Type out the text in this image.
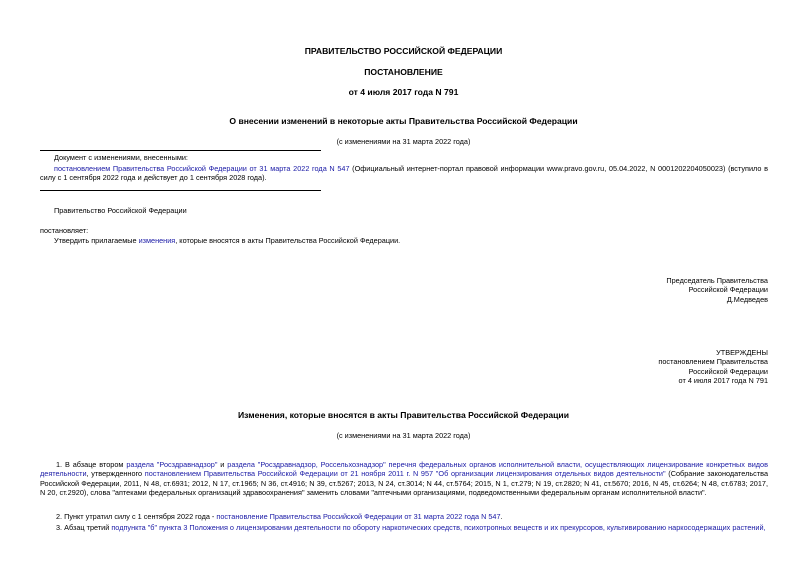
ПРАВИТЕЛЬСТВО РОССИЙСКОЙ ФЕДЕРАЦИИ
ПОСТАНОВЛЕНИЕ
от 4 июля 2017 года N 791
О внесении изменений в некоторые акты Правительства Российской Федерации
(с изменениями на 31 марта 2022 года)
Документ с изменениями, внесенными:
постановлением Правительства Российской Федерации от 31 марта 2022 года N 547 (Официальный интернет-портал правовой информации www.pravo.gov.ru, 05.04.2022, N 0001202204050023) (вступило в силу с 1 сентября 2022 года и действует до 1 сентября 2028 года).
Правительство Российской Федерации
постановляет:
Утвердить прилагаемые изменения, которые вносятся в акты Правительства Российской Федерации.
Председатель Правительства
Российской Федерации
Д.Медведев
УТВЕРЖДЕНЫ
постановлением Правительства
Российской Федерации
от 4 июля 2017 года N 791
Изменения, которые вносятся в акты Правительства Российской Федерации
(с изменениями на 31 марта 2022 года)
1. В абзаце втором раздела "Росздравнадзор" и раздела "Росздравнадзор, Россельхознадзор" перечня федеральных органов исполнительной власти, осуществляющих лицензирование конкретных видов деятельности, утвержденного постановлением Правительства Российской Федерации от 21 ноября 2011 г. N 957 "Об организации лицензирования отдельных видов деятельности" (Собрание законодательства Российской Федерации, 2011, N 48, ст.6931; 2012, N 17, ст.1965; N 36, ст.4916; N 39, ст.5267; 2013, N 24, ст.3014; N 44, ст.5764; 2015, N 1, ст.279; N 19, ст.2820; N 41, ст.5670; 2016, N 45, ст.6264; N 48, ст.6783; 2017, N 20, ст.2920), слова "аптеками федеральных организаций здравоохранения" заменить словами "аптечными организациями, подведомственными федеральным органам исполнительной власти".
2. Пункт утратил силу с 1 сентября 2022 года - постановление Правительства Российской Федерации от 31 марта 2022 года N 547.
3. Абзац третий подпункта "б" пункта 3 Положения о лицензировании деятельности по обороту наркотических средств, психотропных веществ и их прекурсоров, культивированию наркосодержащих растений,
